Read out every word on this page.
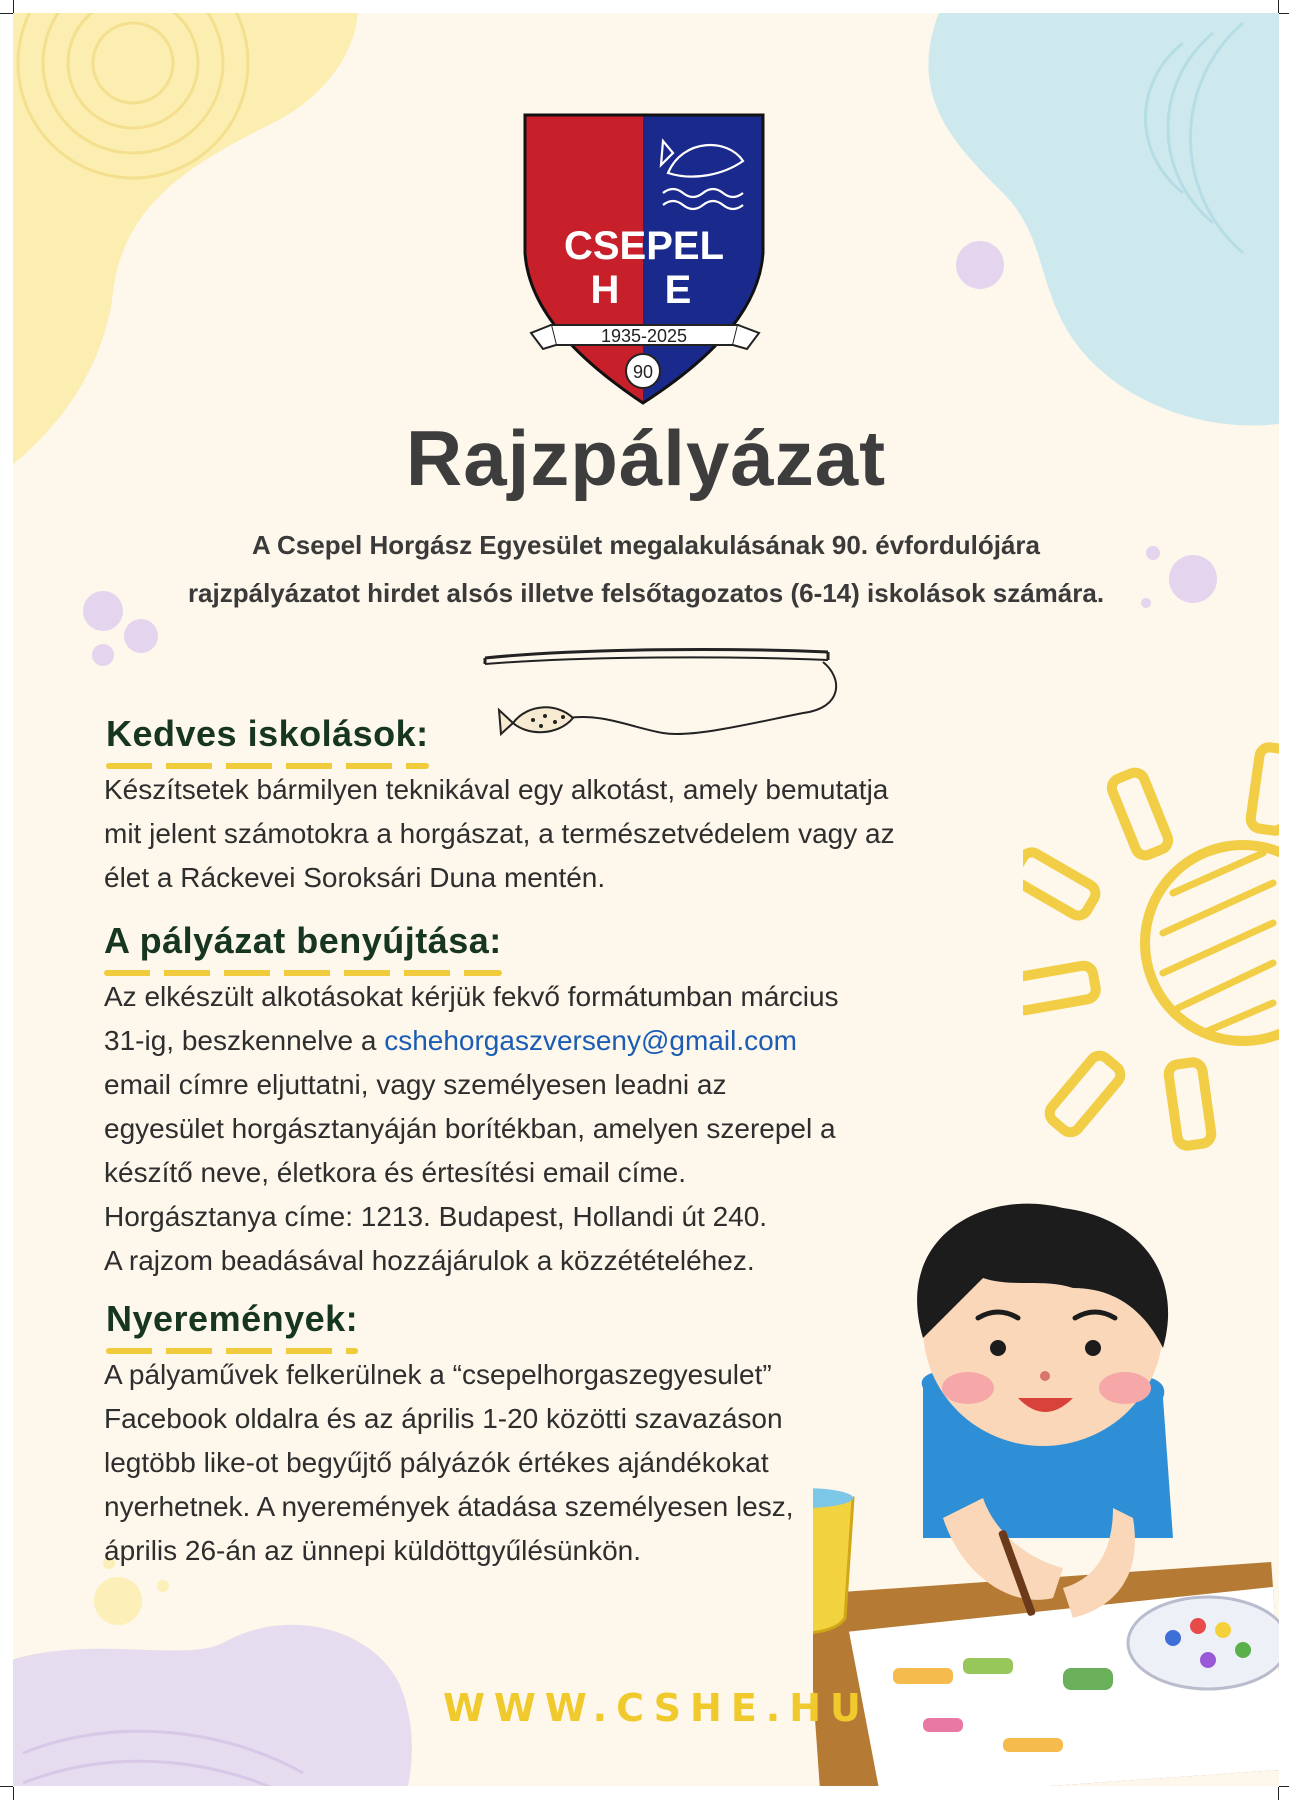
CSEPEL
H E
1935-2025
90
Rajzpályázat
A Csepel Horgász Egyesület megalakulásának 90. évfordulójára
rajzpályázatot hirdet alsós illetve felsőtagozatos (6-14) iskolások számára.
Kedves iskolások:
Készítsetek bármilyen teknikával egy alkotást, amely bemutatja
mit jelent számotokra a horgászat, a természetvédelem vagy az
élet a Ráckevei Soroksári Duna mentén.
A pályázat benyújtása:
Az elkészült alkotásokat kérjük fekvő formátumban március
31-ig, beszkennelve a cshehorgaszverseny@gmail.com
email címre eljuttatni, vagy személyesen leadni az
egyesület horgásztanyáján borítékban, amelyen szerepel a
készítő neve, életkora és értesítési email címe.
Horgásztanya címe: 1213. Budapest, Hollandi út 240.
A rajzom beadásával hozzájárulok a közzétételéhez.
Nyeremények:
A pályaművek felkerülnek a “csepelhorgaszegyesulet”
Facebook oldalra és az április 1-20 közötti szavazáson
legtöbb like-ot begyűjtő pályázók értékes ajándékokat
nyerhetnek. A nyeremények átadása személyesen lesz,
április 26-án az ünnepi küldöttgyűlésünkön.
WWW.CSHE.HU
